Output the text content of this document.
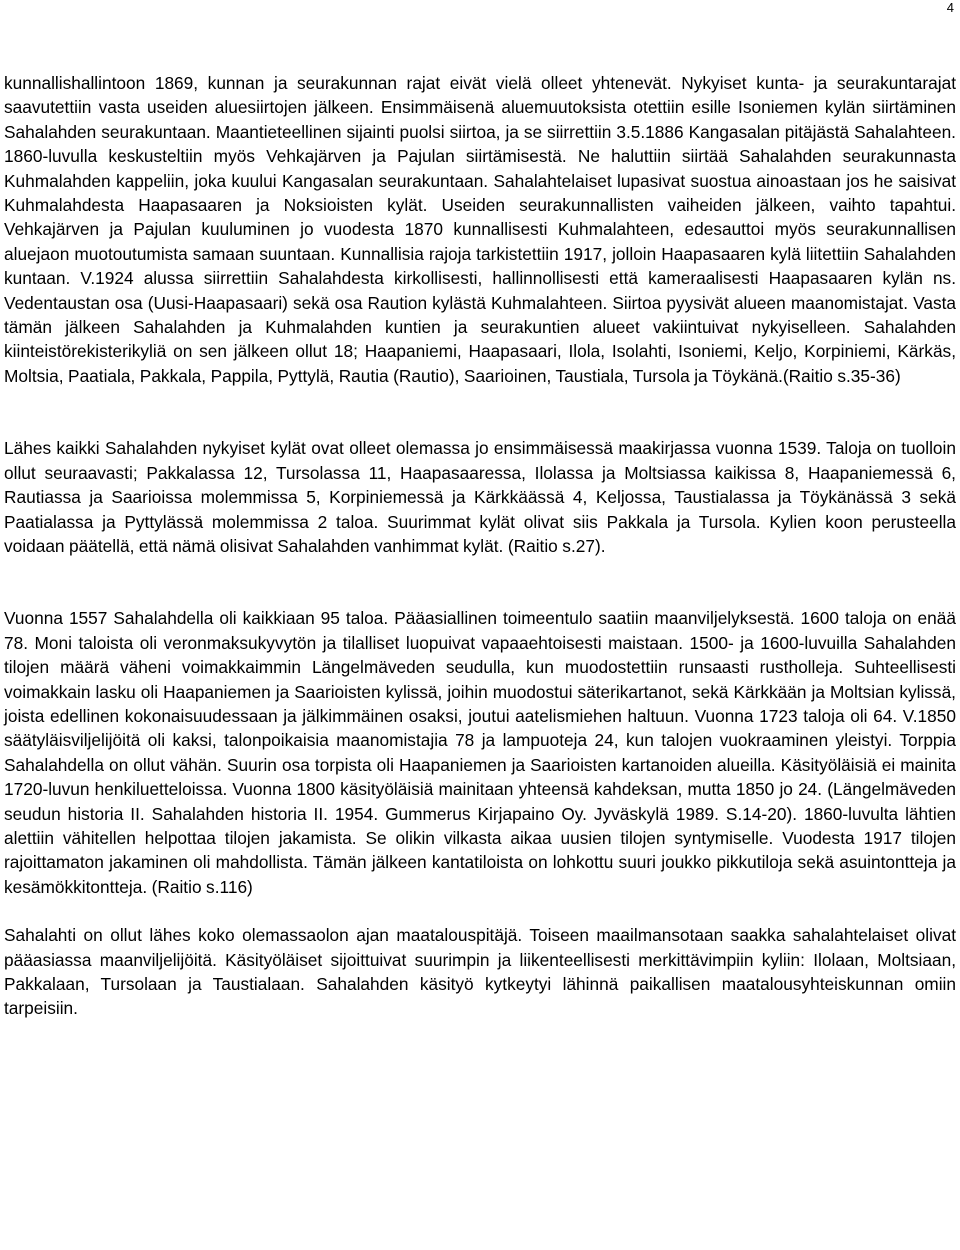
4

kunnallishallintoon 1869, kunnan ja seurakunnan rajat eivät vielä olleet yhtenevät. Nykyiset kunta- ja seurakuntarajat saavutettiin vasta useiden aluesiirtojen jälkeen. Ensimmäisenä aluemuutoksista otettiin esille Isoniemen kylän siirtäminen Sahalahden seurakuntaan. Maantieteellinen sijainti puolsi siirtoa, ja se siirrettiin 3.5.1886 Kangasalan pitäjästä Sahalahteen. 1860-luvulla keskusteltiin myös Vehkajärven ja Pajulan siirtämisestä. Ne haluttiin siirtää Sahalahden seurakunnasta Kuhmalahden kappeliin, joka kuului Kangasalan seurakuntaan. Sahalahtelaiset lupasivat suostua ainoastaan jos he saisivat Kuhmalahdesta Haapasaaren ja Noksioisten kylät. Useiden seurakunnallisten vaiheiden jälkeen, vaihto tapahtui. Vehkajärven ja Pajulan kuuluminen jo vuodesta 1870 kunnallisesti Kuhmalahteen, edesauttoi myös seurakunnallisen aluejaon muotoutumista samaan suuntaan. Kunnallisia rajoja tarkistettiin 1917, jolloin Haapasaaren kylä liitettiin Sahalahden kuntaan. V.1924 alussa siirrettiin Sahalahdesta kirkollisesti, hallinnollisesti että kameraalisesti Haapasaaren kylän ns. Vedentaustan osa (Uusi-Haapasaari) sekä osa Raution kylästä Kuhmalahteen. Siirtoa pyysivät alueen maanomistajat. Vasta tämän jälkeen Sahalahden ja Kuhmalahden kuntien ja seurakuntien alueet vakiintuivat nykyiselleen. Sahalahden kiinteistörekisterikyliä on sen jälkeen ollut 18; Haapaniemi, Haapasaari, Ilola, Isolahti, Isoniemi, Keljo, Korpiniemi, Kärkäs, Moltsia, Paatiala, Pakkala, Pappila, Pyttylä, Rautia (Rautio), Saarioinen, Taustiala, Tursola ja Töykänä.(Raitio s.35-36)

Lähes kaikki Sahalahden nykyiset kylät ovat olleet olemassa jo ensimmäisessä maakirjassa vuonna 1539. Taloja on tuolloin ollut seuraavasti; Pakkalassa 12, Tursolassa 11, Haapasaaressa, Ilolassa ja Moltsiassa kaikissa 8, Haapaniemessä 6, Rautiassa ja Saarioissa molemmissa 5, Korpiniemessä ja Kärkkäässä 4, Keljossa, Taustialassa ja Töykänässä 3 sekä Paatialassa ja Pyttylässä molemmissa 2 taloa. Suurimmat kylät olivat siis Pakkala ja Tursola. Kylien koon perusteella voidaan päätellä, että nämä olisivat Sahalahden vanhimmat kylät. (Raitio s.27).

Vuonna 1557 Sahalahdella oli kaikkiaan 95 taloa. Pääasiallinen toimeentulo saatiin maanviljelyksestä. 1600 taloja on enää 78. Moni taloista oli veronmaksukyvytön ja tilalliset luopuivat vapaaehtoisesti maistaan. 1500- ja 1600-luvuilla Sahalahden tilojen määrä väheni voimakkaimmin Längelmäveden seudulla, kun muodostettiin runsaasti rustholleja. Suhteellisesti voimakkain lasku oli Haapaniemen ja Saarioisten kylissä, joihin muodostui säterikartanot, sekä Kärkkään ja Moltsian kylissä, joista edellinen kokonaisuudessaan ja jälkimmäinen osaksi, joutui aatelismiehen haltuun. Vuonna 1723 taloja oli 64. V.1850 säätyläisviljelijöitä oli kaksi, talonpoikaisia maanomistajia 78 ja lampuoteja 24, kun talojen vuokraaminen yleistyi. Torppia Sahalahdella on ollut vähän. Suurin osa torpista oli Haapaniemen ja Saarioisten kartanoiden alueilla. Käsityöläisiä ei mainita 1720-luvun henkiluetteloissa. Vuonna 1800 käsityöläisiä mainitaan yhteensä kahdeksan, mutta 1850 jo 24. (Längelmäveden seudun historia II. Sahalahden historia II. 1954. Gummerus Kirjapaino Oy. Jyväskylä 1989. S.14-20). 1860-luvulta lähtien alettiin vähitellen helpottaa tilojen jakamista. Se olikin vilkasta aikaa uusien tilojen syntymiselle. Vuodesta 1917 tilojen rajoittamaton jakaminen oli mahdollista. Tämän jälkeen kantatiloista on lohkottu suuri joukko pikkutiloja sekä asuintontteja ja kesämökkitontteja. (Raitio s.116)

Sahalahti on ollut lähes koko olemassaolon ajan maatalouspitäjä. Toiseen maailmansotaan saakka sahalahtelaiset olivat pääasiassa maanviljelijöitä. Käsityöläiset sijoittuivat suurimpin ja liikenteellisesti merkittävimpiin kyliin: Ilolaan, Moltsiaan, Pakkalaan, Tursolaan ja Taustialaan. Sahalahden käsityö kytkeytyi lähinnä paikallisen maatalousyhteiskunnan omiin tarpeisiin.
